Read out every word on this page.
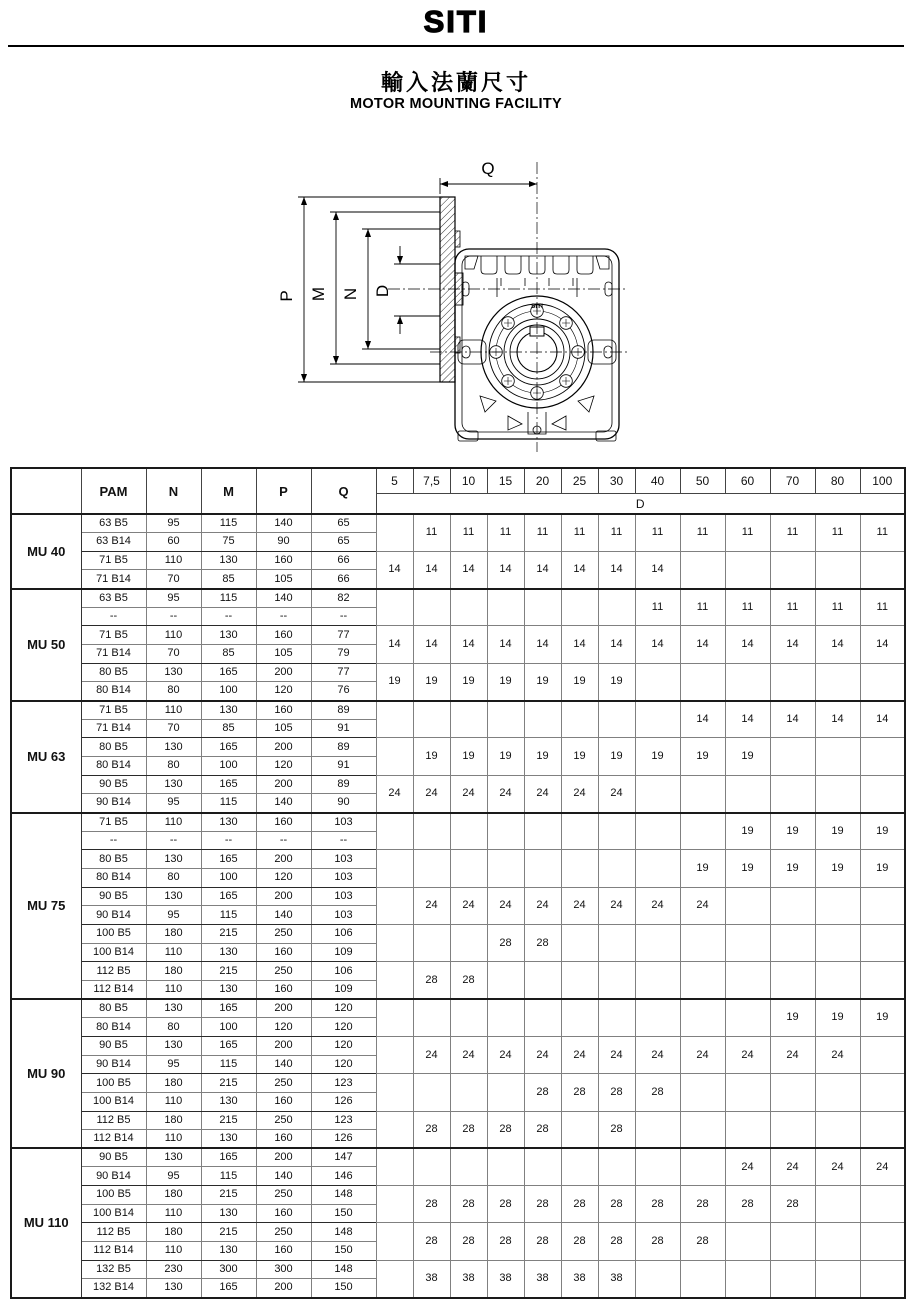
SITI
輸入法蘭尺寸
MOTOR MOUNTING FACILITY
SITI
Q
P M N D
	PAM	N	M	P	Q	5	7,5	10	15	20	25	30	40	50	60	70	80	100
						D												
MU 40	63 B5	95	115	140	65		11	11	11	11	11	11	11	11	11	11	11	11
	63 B14	60	75	90	65													
	71 B5	110	130	160	66	14	14	14	14	14	14	14	14					
	71 B14	70	85	105	66													
MU 50	63 B5	95	115	140	82								11	11	11	11	11	11
	--	--	--	--	--													
	71 B5	110	130	160	77	14	14	14	14	14	14	14	14	14	14	14	14	14
	71 B14	70	85	105	79													
	80 B5	130	165	200	77	19	19	19	19	19	19	19						
	80 B14	80	100	120	76													
MU 63	71 B5	110	130	160	89									14	14	14	14	14
	71 B14	70	85	105	91													
	80 B5	130	165	200	89		19	19	19	19	19	19	19	19	19			
	80 B14	80	100	120	91													
	90 B5	130	165	200	89	24	24	24	24	24	24	24						
	90 B14	95	115	140	90													
MU 75	71 B5	110	130	160	103										19	19	19	19
	--	--	--	--	--													
	80 B5	130	165	200	103									19	19	19	19	19
	80 B14	80	100	120	103													
	90 B5	130	165	200	103		24	24	24	24	24	24	24	24				
	90 B14	95	115	140	103													
	100 B5	180	215	250	106				28	28								
	100 B14	110	130	160	109													
	112 B5	180	215	250	106		28	28										
	112 B14	110	130	160	109													
MU 90	80 B5	130	165	200	120											19	19	19
	80 B14	80	100	120	120													
	90 B5	130	165	200	120		24	24	24	24	24	24	24	24	24	24	24	
	90 B14	95	115	140	120													
	100 B5	180	215	250	123					28	28	28	28					
	100 B14	110	130	160	126													
	112 B5	180	215	250	123		28	28	28	28		28						
	112 B14	110	130	160	126													
MU 110	90 B5	130	165	200	147										24	24	24	24
	90 B14	95	115	140	146													
	100 B5	180	215	250	148		28	28	28	28	28	28	28	28	28	28		
	100 B14	110	130	160	150													
	112 B5	180	215	250	148		28	28	28	28	28	28	28	28				
	112 B14	110	130	160	150													
	132 B5	230	300	300	148		38	38	38	38	38	38						
	132 B14	130	165	200	150													
